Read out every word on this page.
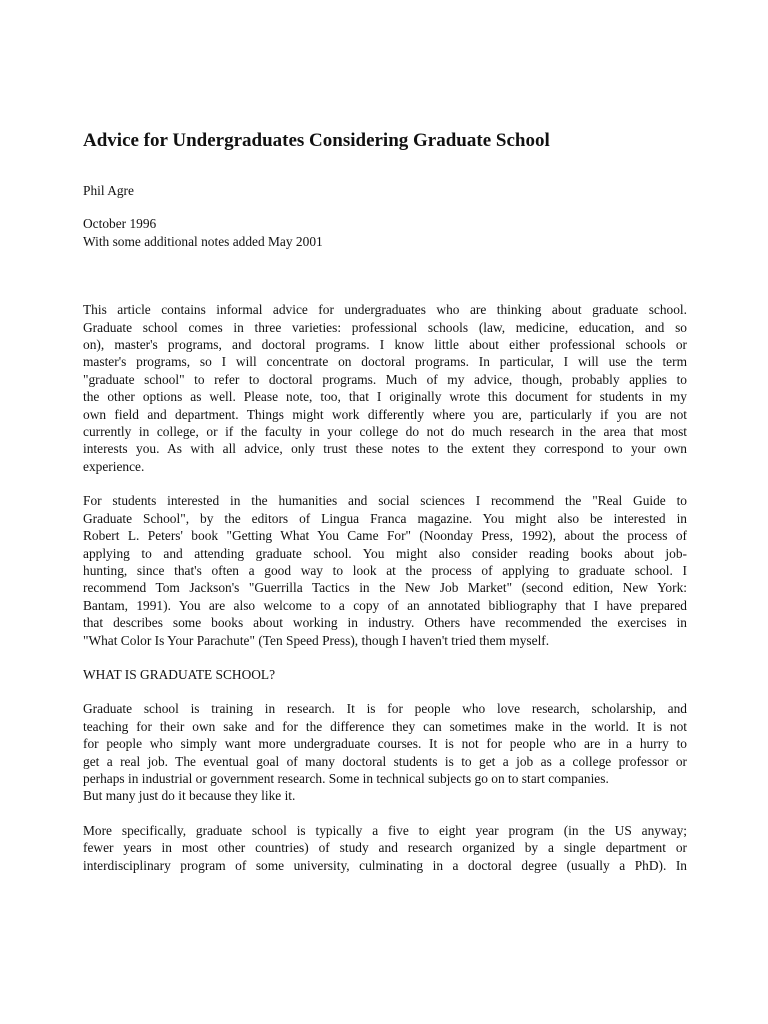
Advice for Undergraduates Considering Graduate School

Phil Agre

October 1996

With some additional notes added May 2001

This article contains informal advice for undergraduates who are thinking about graduate school.

Graduate school comes in three varieties: professional schools (law, medicine, education, and so

on), master's programs, and doctoral programs. I know little about either professional schools or

master's programs, so I will concentrate on doctoral programs. In particular, I will use the term

"graduate school" to refer to doctoral programs. Much of my advice, though, probably applies to

the other options as well. Please note, too, that I originally wrote this document for students in my

own field and department. Things might work differently where you are, particularly if you are not

currently in college, or if the faculty in your college do not do much research in the area that most

interests you. As with all advice, only trust these notes to the extent they correspond to your own

experience.

For students interested in the humanities and social sciences I recommend the "Real Guide to

Graduate School", by the editors of Lingua Franca magazine. You might also be interested in

Robert L. Peters' book "Getting What You Came For" (Noonday Press, 1992), about the process of

applying to and attending graduate school. You might also consider reading books about job-

hunting, since that's often a good way to look at the process of applying to graduate school. I

recommend Tom Jackson's "Guerrilla Tactics in the New Job Market" (second edition, New York:

Bantam, 1991). You are also welcome to a copy of an annotated bibliography that I have prepared

that describes some books about working in industry. Others have recommended the exercises in

"What Color Is Your Parachute" (Ten Speed Press), though I haven't tried them myself.

WHAT IS GRADUATE SCHOOL?

Graduate school is training in research. It is for people who love research, scholarship, and

teaching for their own sake and for the difference they can sometimes make in the world. It is not

for people who simply want more undergraduate courses. It is not for people who are in a hurry to

get a real job. The eventual goal of many doctoral students is to get a job as a college professor or

perhaps in industrial or government research. Some in technical subjects go on to start companies.

But many just do it because they like it.

More specifically, graduate school is typically a five to eight year program (in the US anyway;

fewer years in most other countries) of study and research organized by a single department or

interdisciplinary program of some university, culminating in a doctoral degree (usually a PhD). In
